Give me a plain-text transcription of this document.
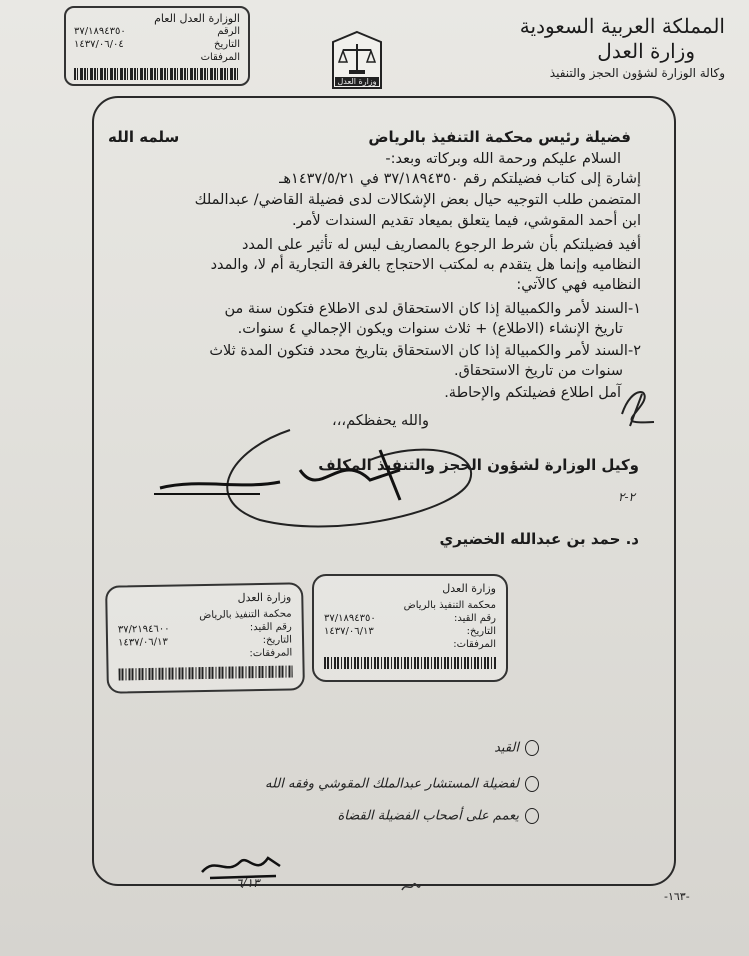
المملكة العربية السعودية
وزارة العدل
وكالة الوزارة لشؤون الحجز والتنفيذ
وزارة العدل
الوزارة العدل العام
الرقم
٣٧/١٨٩٤٣٥٠
التاريخ
١٤٣٧/٠٦/٠٤
المرفقات
فضيلة رئيس محكمة التنفيذ بالرياض
سلمه الله
السلام عليكم ورحمة الله وبركاته وبعد:-
إشارة إلى كتاب فضيلتكم رقم ٣٧/١٨٩٤٣٥٠ في ١٤٣٧/٥/٢١هـ
المتضمن طلب التوجيه حيال بعض الإشكالات لدى فضيلة القاضي/ عبدالملك
ابن أحمد المقوشي، فيما يتعلق بميعاد تقديم السندات لأمر.
أفيد فضيلتكم بأن شرط الرجوع بالمصاريف ليس له تأثير على المدد
النظاميه وإنما هل يتقدم به لمكتب الاحتجاج بالغرفة التجارية أم لا، والمدد
النظاميه فهي كالآتي:
١-السند لأمر والكمبيالة إذا كان الاستحقاق لدى الاطلاع فتكون سنة من
تاريخ الإنشاء (الاطلاع) + ثلاث سنوات ويكون الإجمالي ٤ سنوات.
٢-السند لأمر والكمبيالة إذا كان الاستحقاق بتاريخ محدد فتكون المدة ثلاث
سنوات من تاريخ الاستحقاق.
آمل اطلاع فضيلتكم والإحاطة.
والله يحفظكم،،،
وكيل الوزارة لشؤون الحجز والتنفيذ المكلف
د. حمد بن عبدالله الخضيري
٢-٢
وزارة العدل
محكمة التنفيذ بالرياض
رقم القيد:
٣٧/١٨٩٤٣٥٠
التاريخ:
١٤٣٧/٠٦/١٣
المرفقات:
وزارة العدل
محكمة التنفيذ بالرياض
رقم القيد:
٣٧/٢١٩٤٦٠٠
التاريخ:
١٤٣٧/٠٦/١٣
المرفقات:
القيد
لفضيلة المستشار عبدالملك المقوشي وفقه الله
يعمم على أصحاب الفضيلة القضاة
٦/١٣
-١٦٣-
